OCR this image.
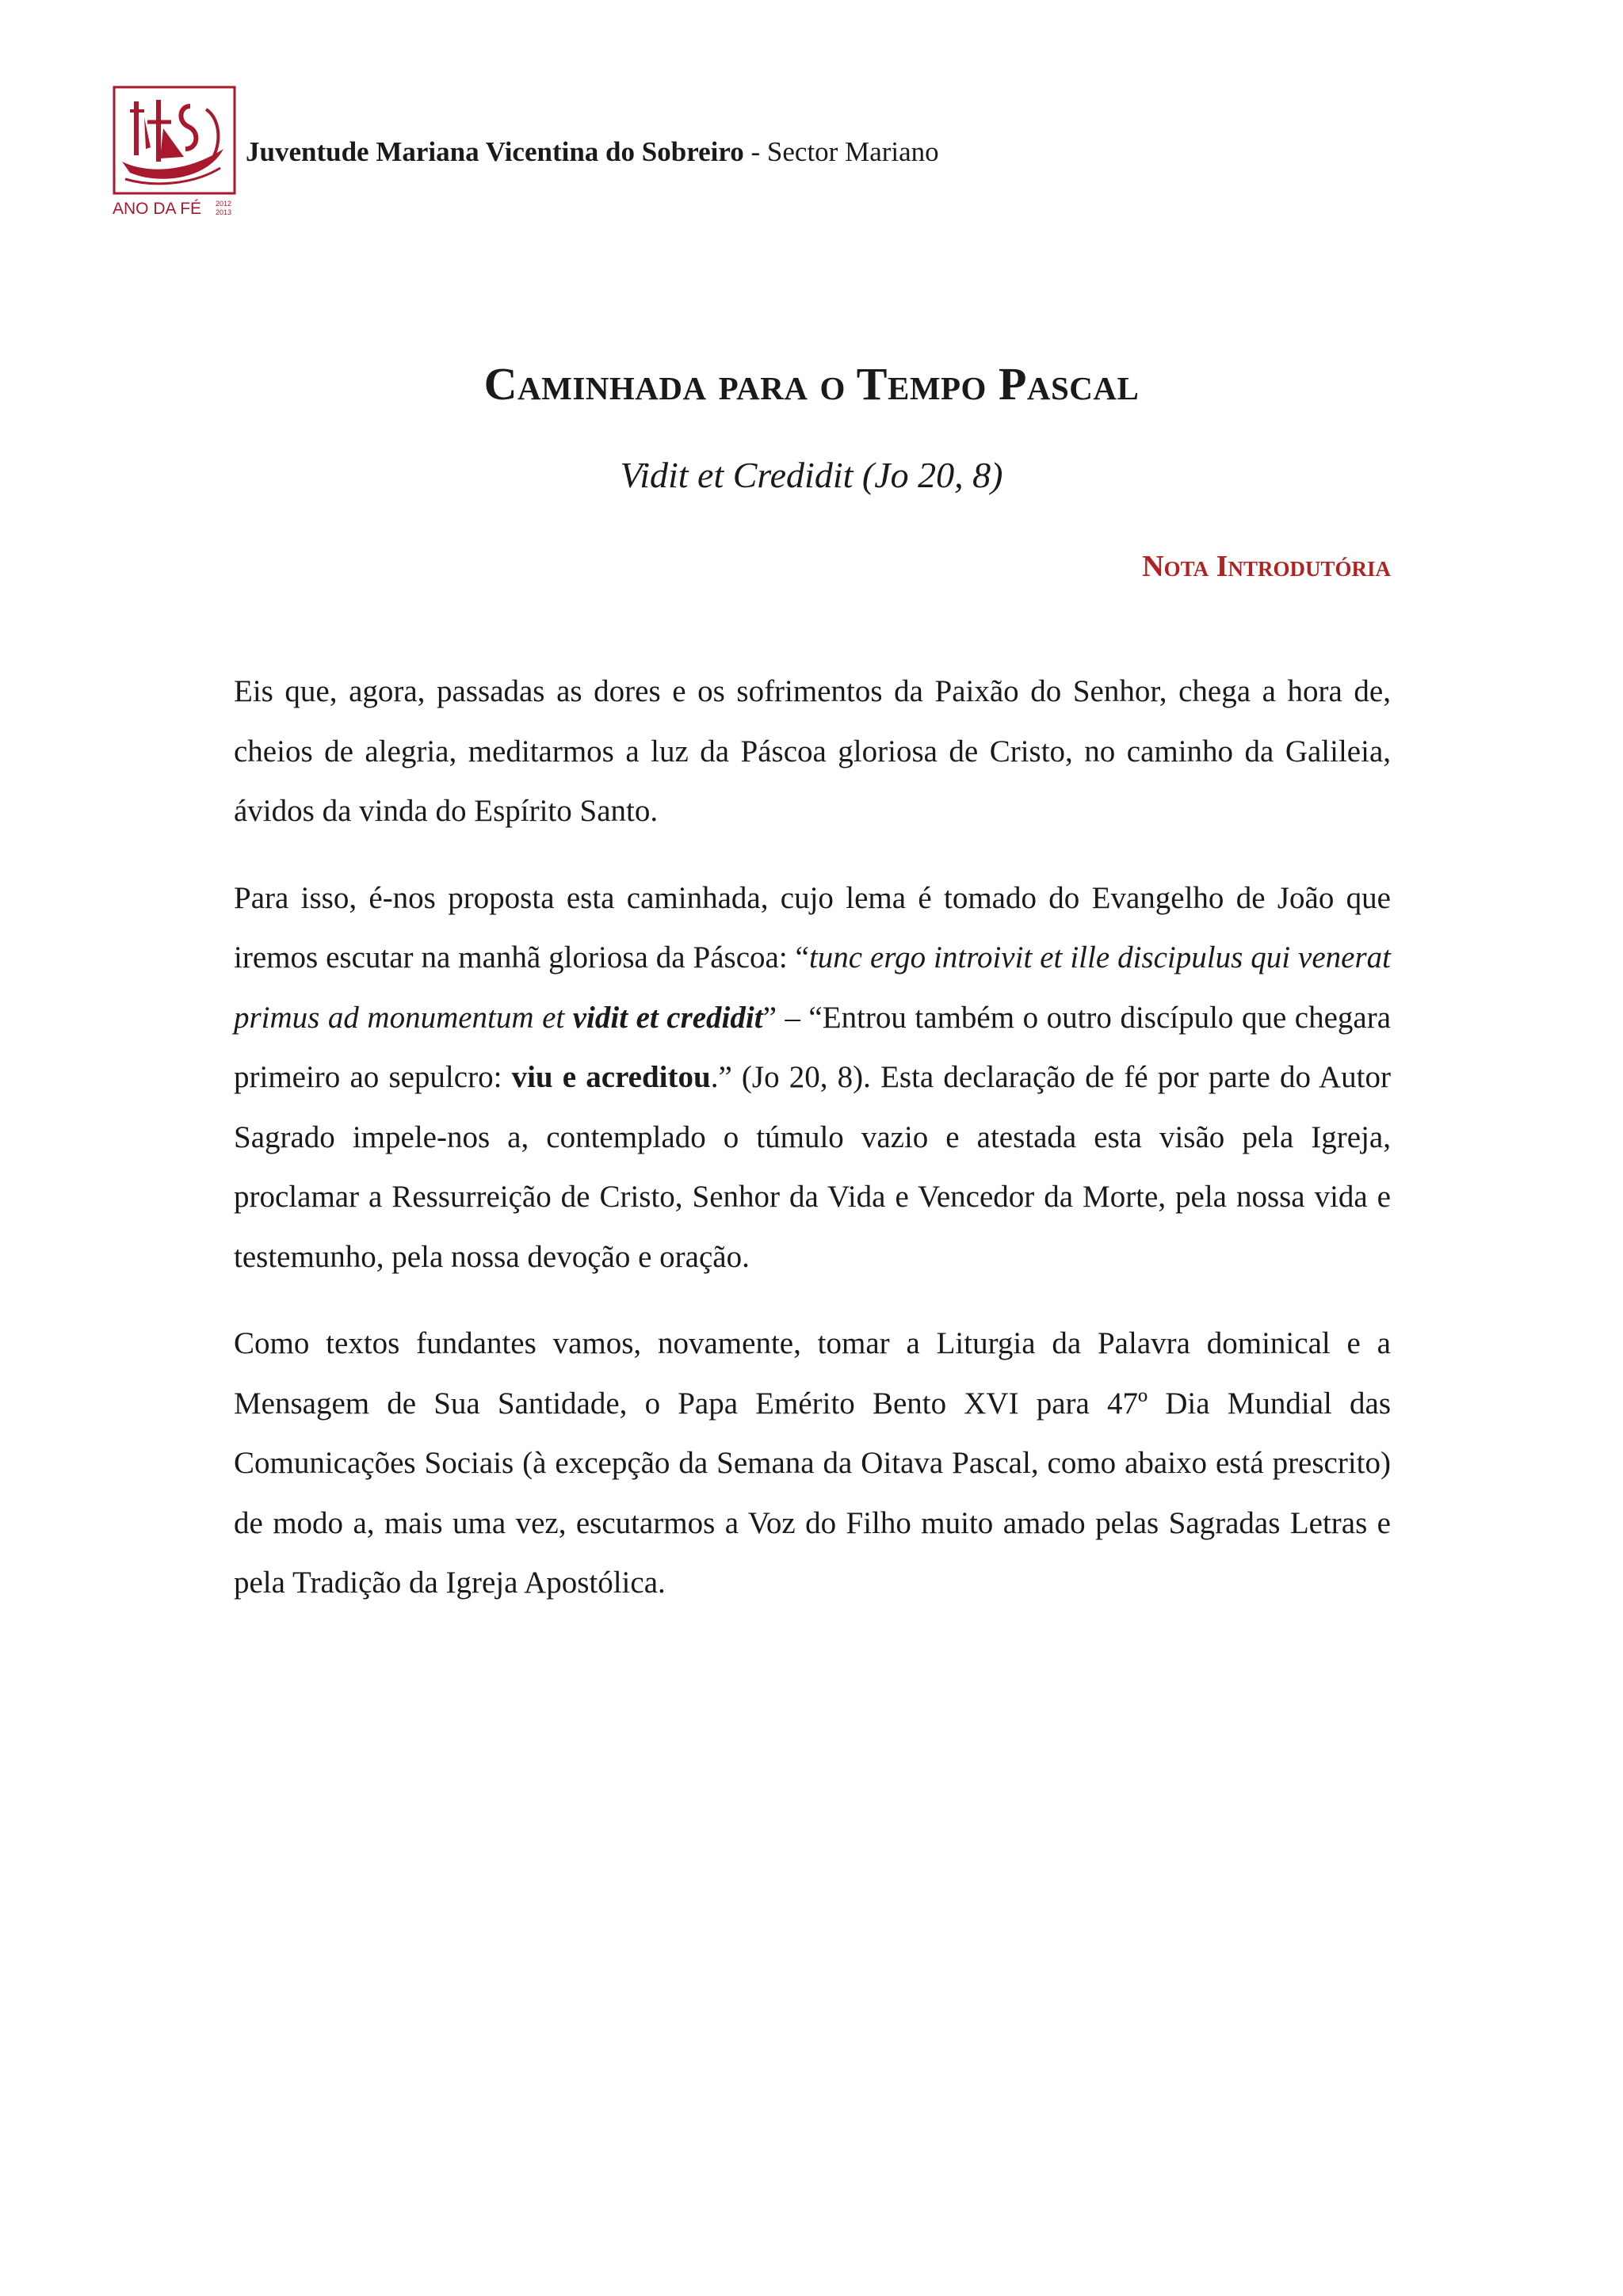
ANO DA FÉ 2012
2013
Juventude Mariana Vicentina do Sobreiro - Sector Mariano
Caminhada para o Tempo Pascal
Vidit et Credidit (Jo 20, 8)
Nota Introdutória

Eis que, agora, passadas as dores e os sofrimentos da Paixão do Senhor, chega a hora de, cheios de alegria, meditarmos a luz da Páscoa gloriosa de Cristo, no caminho da Galileia, ávidos da vinda do Espírito Santo.

Para isso, é-nos proposta esta caminhada, cujo lema é tomado do Evangelho de João que iremos escutar na manhã gloriosa da Páscoa: “tunc ergo introivit et ille discipulus qui venerat primus ad monumentum et vidit et credidit” – “Entrou também o outro discípulo que chegara primeiro ao sepulcro: viu e acreditou.” (Jo 20, 8). Esta declaração de fé por parte do Autor Sagrado impele-nos a, contemplado o túmulo vazio e atestada esta visão pela Igreja, proclamar a Ressurreição de Cristo, Senhor da Vida e Vencedor da Morte, pela nossa vida e testemunho, pela nossa devoção e oração.

Como textos fundantes vamos, novamente, tomar a Liturgia da Palavra dominical e a Mensagem de Sua Santidade, o Papa Emérito Bento XVI para 47º Dia Mundial das Comunicações Sociais (à excepção da Semana da Oitava Pascal, como abaixo está prescrito) de modo a, mais uma vez, escutarmos a Voz do Filho muito amado pelas Sagradas Letras e pela Tradição da Igreja Apostólica.
